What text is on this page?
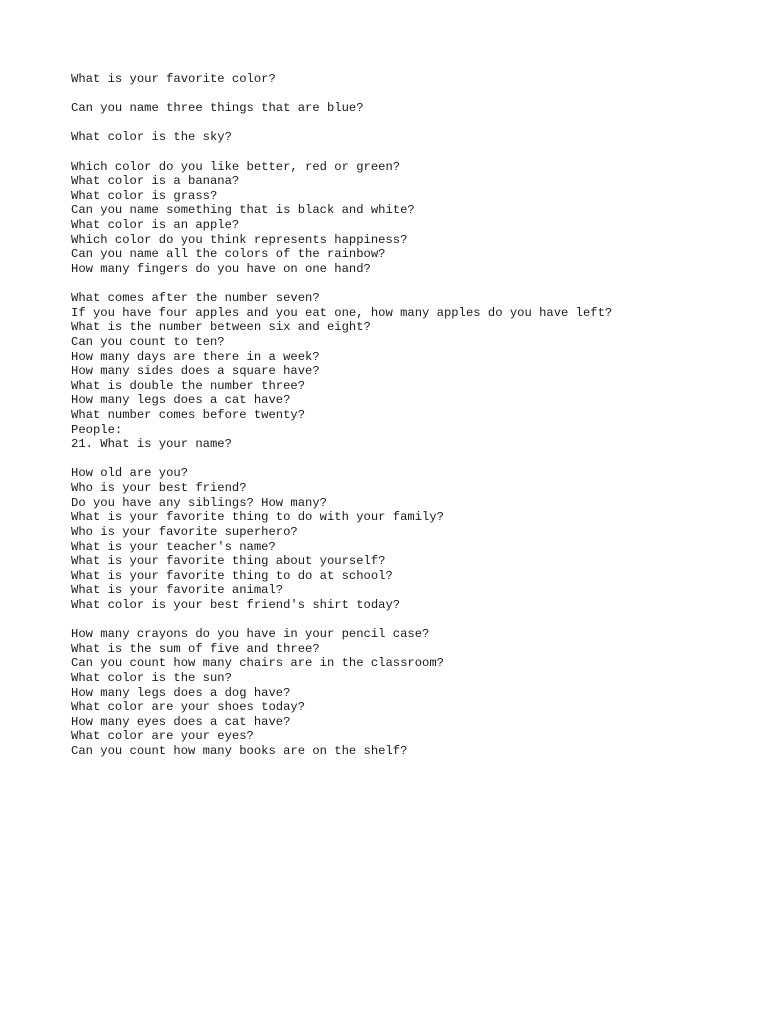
What is your favorite color?
Can you name three things that are blue?
What color is the sky?
Which color do you like better, red or green?
What color is a banana?
What color is grass?
Can you name something that is black and white?
What color is an apple?
Which color do you think represents happiness?
Can you name all the colors of the rainbow?
How many fingers do you have on one hand?
What comes after the number seven?
If you have four apples and you eat one, how many apples do you have left?
What is the number between six and eight?
Can you count to ten?
How many days are there in a week?
How many sides does a square have?
What is double the number three?
How many legs does a cat have?
What number comes before twenty?
People:
21. What is your name?
How old are you?
Who is your best friend?
Do you have any siblings? How many?
What is your favorite thing to do with your family?
Who is your favorite superhero?
What is your teacher's name?
What is your favorite thing about yourself?
What is your favorite thing to do at school?
What is your favorite animal?
What color is your best friend's shirt today?
How many crayons do you have in your pencil case?
What is the sum of five and three?
Can you count how many chairs are in the classroom?
What color is the sun?
How many legs does a dog have?
What color are your shoes today?
How many eyes does a cat have?
What color are your eyes?
Can you count how many books are on the shelf?
